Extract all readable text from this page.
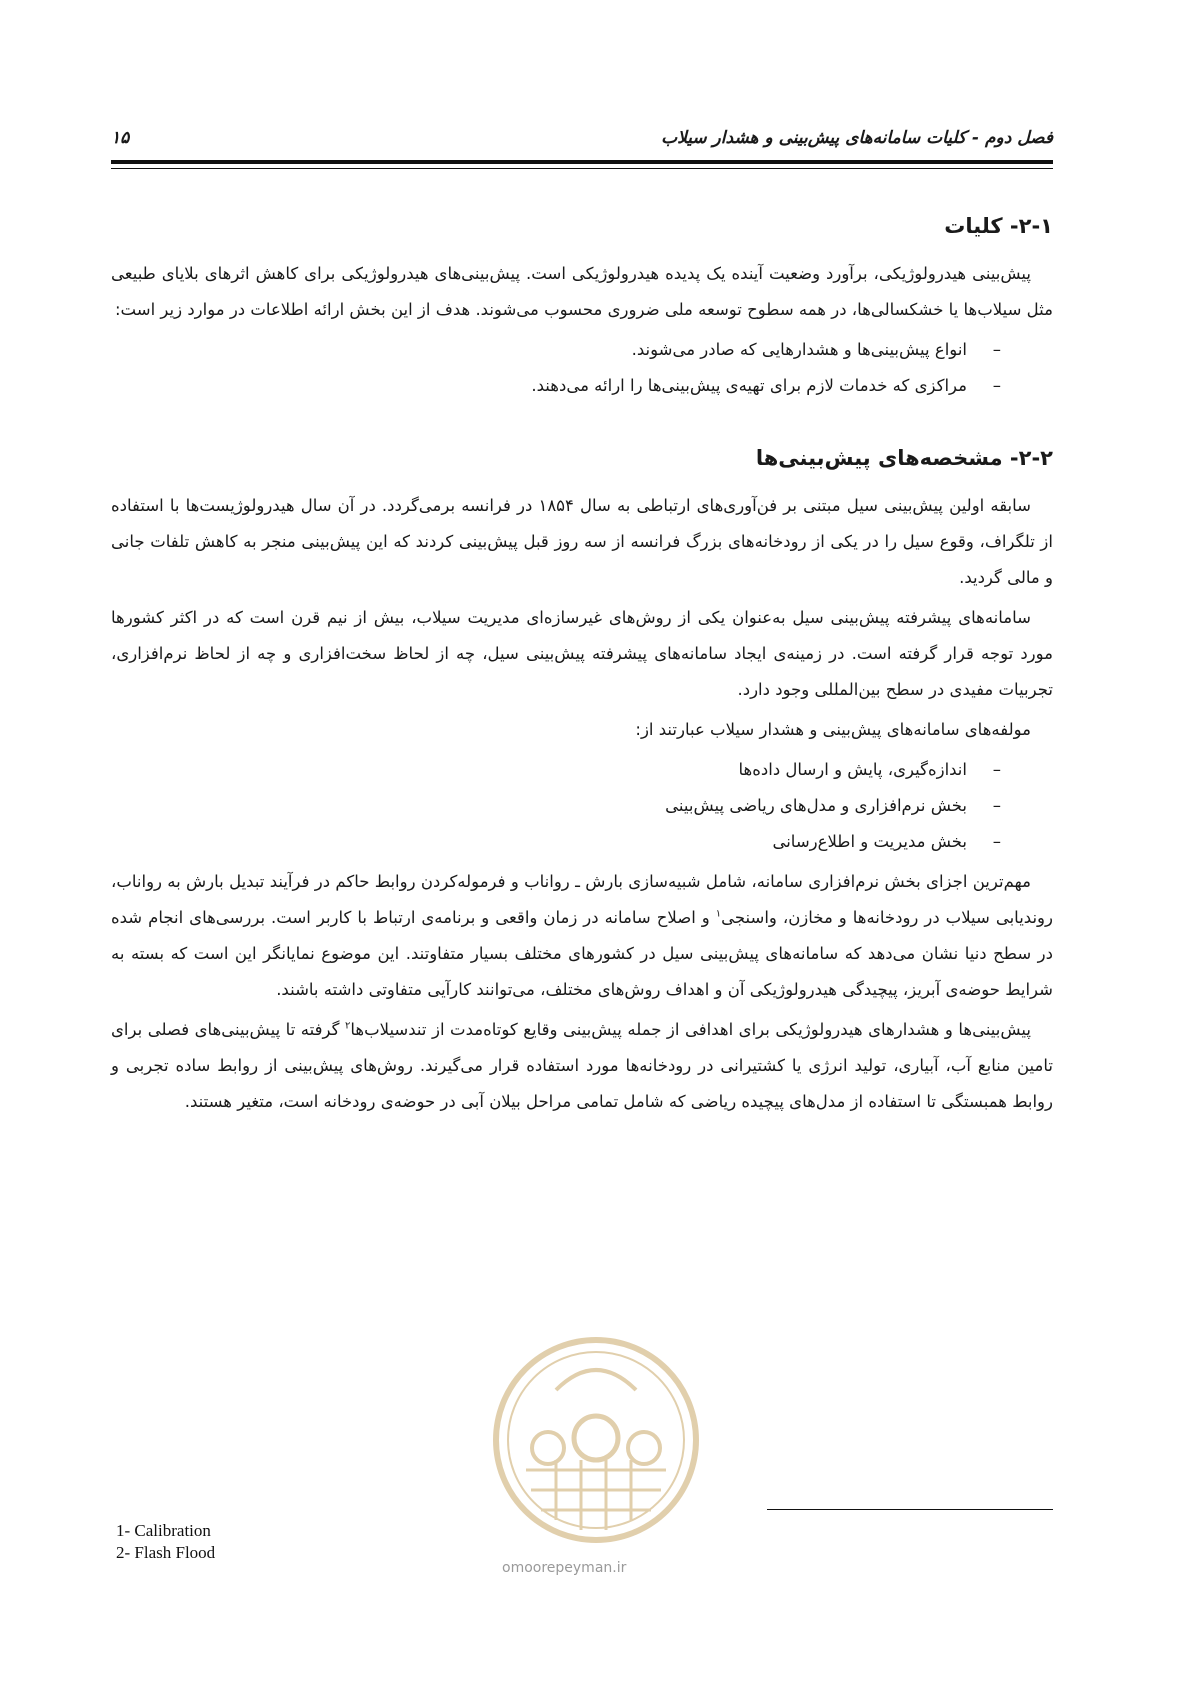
فصل دوم - کلیات سامانه‌های پیش‌بینی و هشدار سیلاب
۱۵
۲-۱- کلیات

پیش‌بینی هیدرولوژیکی، برآورد وضعیت آینده یک پدیده هیدرولوژیکی است. پیش‌بینی‌های هیدرولوژیکی برای کاهش اثرهای بلایای طبیعی مثل سیلاب‌ها یا خشکسالی‌ها، در همه سطوح توسعه ملی ضروری محسوب می‌شوند. هدف از این بخش ارائه اطلاعات در موارد زیر است:

– انواع پیش‌بینی‌ها و هشدارهایی که صادر می‌شوند.
– مراکزی که خدمات لازم برای تهیه‌ی پیش‌بینی‌ها را ارائه می‌دهند.
۲-۲- مشخصه‌های پیش‌بینی‌ها

سابقه اولین پیش‌بینی سیل مبتنی بر فن‌آوری‌های ارتباطی به سال ۱۸۵۴ در فرانسه برمی‌گردد. در آن سال هیدرولوژیست‌ها با استفاده از تلگراف، وقوع سیل را در یکی از رودخانه‌های بزرگ فرانسه از سه روز قبل پیش‌بینی کردند که این پیش‌بینی منجر به کاهش تلفات جانی و مالی گردید.

سامانه‌های پیشرفته پیش‌بینی سیل به‌عنوان یکی از روش‌های غیرسازه‌ای مدیریت سیلاب، بیش از نیم قرن است که در اکثر کشورها مورد توجه قرار گرفته است. در زمینه‌ی ایجاد سامانه‌های پیشرفته پیش‌بینی سیل، چه از لحاظ سخت‌افزاری و چه از لحاظ نرم‌افزاری، تجربیات مفیدی در سطح بین‌المللی وجود دارد.

مولفه‌های سامانه‌های پیش‌بینی و هشدار سیلاب عبارتند از:

– اندازه‌گیری، پایش و ارسال داده‌ها
– بخش نرم‌افزاری و مدل‌های ریاضی پیش‌بینی
– بخش مدیریت و اطلاع‌رسانی

مهم‌ترین اجزای بخش نرم‌افزاری سامانه، شامل شبیه‌سازی بارش ـ رواناب و فرموله‌کردن روابط حاکم در فرآیند تبدیل بارش به رواناب، روندیابی سیلاب در رودخانه‌ها و مخازن، واسنجی$^۱$ و اصلاح سامانه در زمان واقعی و برنامه‌ی ارتباط با کاربر است. بررسی‌های انجام شده در سطح دنیا نشان می‌دهد که سامانه‌های پیش‌بینی سیل در کشورهای مختلف بسیار متفاوتند. این موضوع نمایانگر این است که بسته به شرایط حوضه‌ی آبریز، پیچیدگی هیدرولوژیکی آن و اهداف روش‌های مختلف، می‌توانند کارآیی متفاوتی داشته باشند.

پیش‌بینی‌ها و هشدارهای هیدرولوژیکی برای اهدافی از جمله پیش‌بینی وقایع کوتاه‌مدت از تندسیلاب‌ها$^۲$ گرفته تا پیش‌بینی‌های فصلی برای تامین منابع آب، آبیاری، تولید انرژی یا کشتیرانی در رودخانه‌ها مورد استفاده قرار می‌گیرند. روش‌های پیش‌بینی از روابط ساده تجربی و روابط همبستگی تا استفاده از مدل‌های پیچیده ریاضی که شامل تمامی مراحل بیلان آبی در حوضه‌ی رودخانه است، متغیر هستند.

omoorepeyman.ir
1- Calibration
2- Flash Flood
